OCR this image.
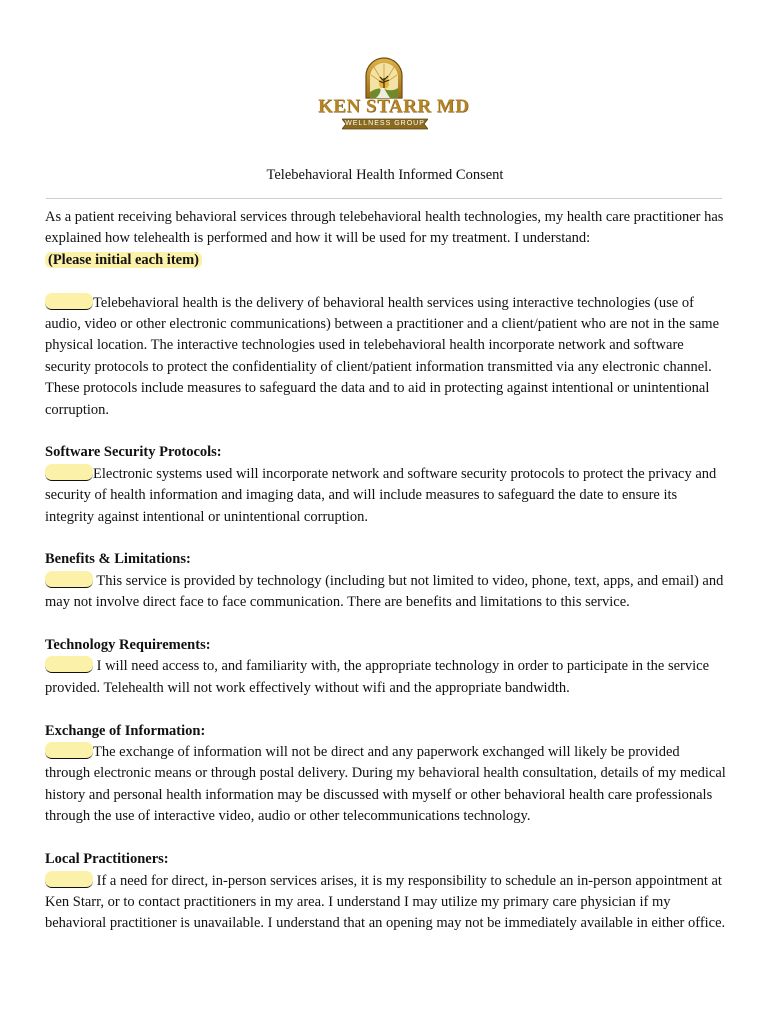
KEN STARR MD
WELLNESS GROUP
Telebehavioral Health Informed Consent

As a patient receiving behavioral services through telebehavioral health technologies, my health care practitioner has explained how telehealth is performed and how it will be used for my treatment. I understand:
(Please initial each item)

Telebehavioral health is the delivery of behavioral health services using interactive technologies (use of audio, video or other electronic communications) between a practitioner and a client/patient who are not in the same physical location. The interactive technologies used in telebehavioral health incorporate network and software security protocols to protect the confidentiality of client/patient information transmitted via any electronic channel. These protocols include measures to safeguard the data and to aid in protecting against intentional or unintentional corruption.

Software Security Protocols:

Electronic systems used will incorporate network and software security protocols to protect the privacy and security of health information and imaging data, and will include measures to safeguard the date to ensure its integrity against intentional or unintentional corruption.

Benefits & Limitations:

This service is provided by technology (including but not limited to video, phone, text, apps, and email) and may not involve direct face to face communication. There are benefits and limitations to this service.

Technology Requirements:

I will need access to, and familiarity with, the appropriate technology in order to participate in the service provided. Telehealth will not work effectively without wifi and the appropriate bandwidth.

Exchange of Information:

The exchange of information will not be direct and any paperwork exchanged will likely be provided through electronic means or through postal delivery. During my behavioral health consultation, details of my medical history and personal health information may be discussed with myself or other behavioral health care professionals through the use of interactive video, audio or other telecommunications technology.

Local Practitioners:

If a need for direct, in-person services arises, it is my responsibility to schedule an in-person appointment at Ken Starr, or to contact practitioners in my area. I understand I may utilize my primary care physician if my behavioral practitioner is unavailable. I understand that an opening may not be immediately available in either office.
